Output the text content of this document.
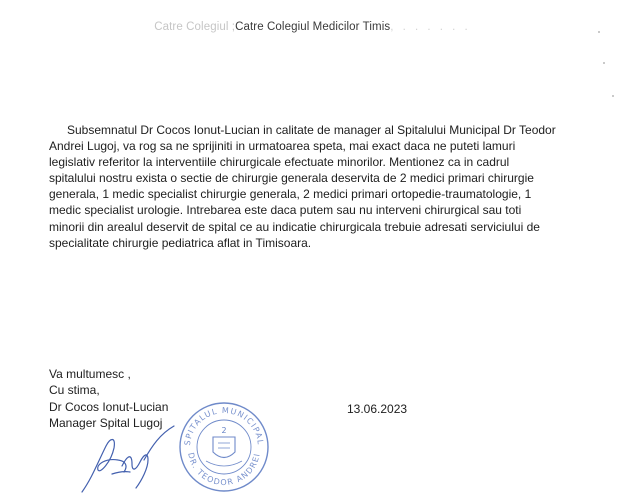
Catre Colegiul ;Catre Colegiul Medicilor Timis, . . . . . .

Subsemnatul Dr Cocos Ionut-Lucian in calitate de manager al Spitalului Municipal Dr Teodor Andrei Lugoj, va rog sa ne sprijiniti in urmatoarea speta, mai exact daca ne puteti lamuri legislativ referitor la interventiile chirurgicale efectuate minorilor. Mentionez ca in cadrul spitalului nostru exista o sectie de chirurgie generala deservita de 2 medici primari chirurgie generala, 1 medic specialist chirurgie generala, 2 medici primari ortopedie-traumatologie, 1 medic specialist urologie. Intrebarea este daca putem sau nu interveni chirurgical sau toti minorii din arealul deservit de spital ce au indicatie chirurgicala trebuie adresati serviciului de specialitate chirurgie pediatrica aflat in Timisoara.

Va multumesc ,
Cu stima,
Dr Cocos Ionut-Lucian
Manager Spital Lugoj
13.06.2023
SPITALUL MUNICIPAL
DR. TEODOR ANDREI
2
